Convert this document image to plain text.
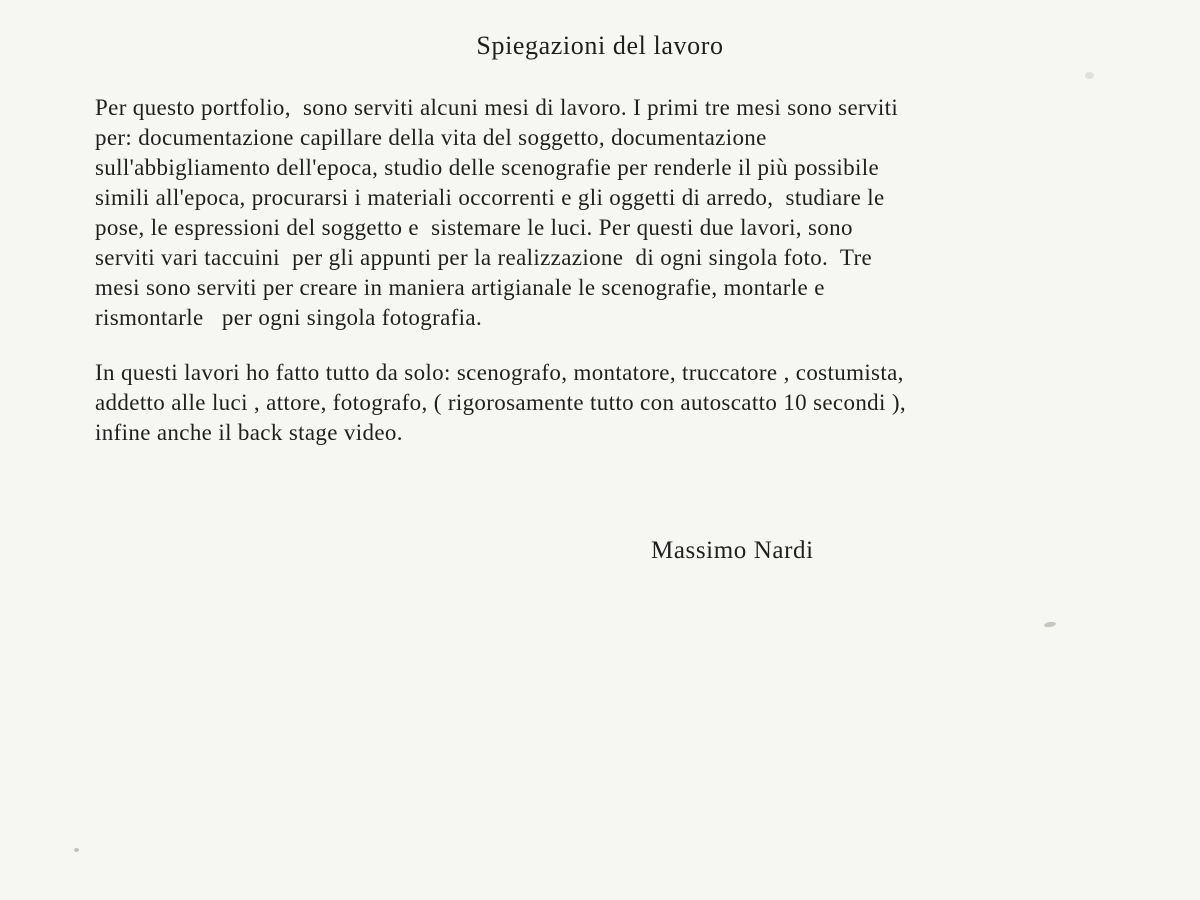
Spiegazioni del lavoro
Per questo portfolio,  sono serviti alcuni mesi di lavoro. I primi tre mesi sono serviti
per: documentazione capillare della vita del soggetto, documentazione
sull'abbigliamento dell'epoca, studio delle scenografie per renderle il più possibile
simili all'epoca, procurarsi i materiali occorrenti e gli oggetti di arredo,  studiare le
pose, le espressioni del soggetto e  sistemare le luci. Per questi due lavori, sono
serviti vari taccuini  per gli appunti per la realizzazione  di ogni singola foto.  Tre
mesi sono serviti per creare in maniera artigianale le scenografie, montarle e
rismontarle   per ogni singola fotografia.
In questi lavori ho fatto tutto da solo: scenografo, montatore, truccatore , costumista,
addetto alle luci , attore, fotografo, ( rigorosamente tutto con autoscatto 10 secondi ),
infine anche il back stage video.
Massimo Nardi
